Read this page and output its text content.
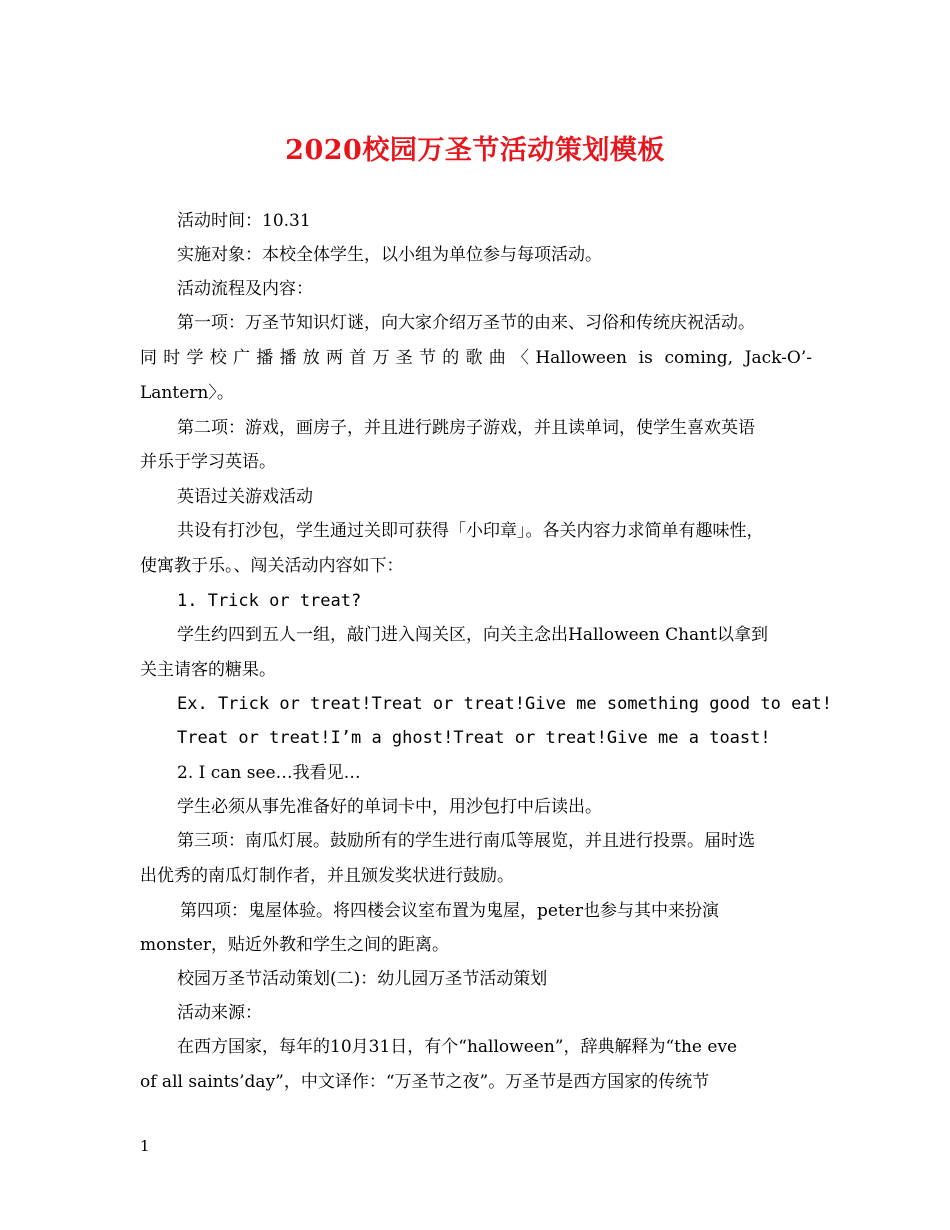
2020校园万圣节活动策划模板
活动时间：10.31
实施对象：本校全体学生，以小组为单位参与每项活动。
活动流程及内容：
第一项：万圣节知识灯谜，向大家介绍万圣节的由来、习俗和传统庆祝活动。
同时学校广播播放两首万圣节的歌曲〈Halloween is coming, Jack-O’-
Lantern〉。
第二项：游戏，画房子，并且进行跳房子游戏，并且读单词，使学生喜欢英语
并乐于学习英语。
英语过关游戏活动
共设有打沙包，学生通过关即可获得「小印章」。各关内容力求简单有趣味性，
使寓教于乐。、闯关活动内容如下：
1. Trick or treat?
学生约四到五人一组，敲门进入闯关区，向关主念出Halloween Chant以拿到
关主请客的糖果。
Ex. Trick or treat!Treat or treat!Give me something good to eat!
Treat or treat!I’m a ghost!Treat or treat!Give me a toast!
2. I can see…我看见…
学生必须从事先准备好的单词卡中，用沙包打中后读出。
第三项：南瓜灯展。鼓励所有的学生进行南瓜等展览，并且进行投票。届时选
出优秀的南瓜灯制作者，并且颁发奖状进行鼓励。
第四项：鬼屋体验。将四楼会议室布置为鬼屋，peter也参与其中来扮演
monster，贴近外教和学生之间的距离。
校园万圣节活动策划(二)：幼儿园万圣节活动策划
活动来源：
在西方国家，每年的10月31日，有个“halloween”，辞典解释为“the eve
of all saints’day”，中文译作：“万圣节之夜”。万圣节是西方国家的传统节
1
